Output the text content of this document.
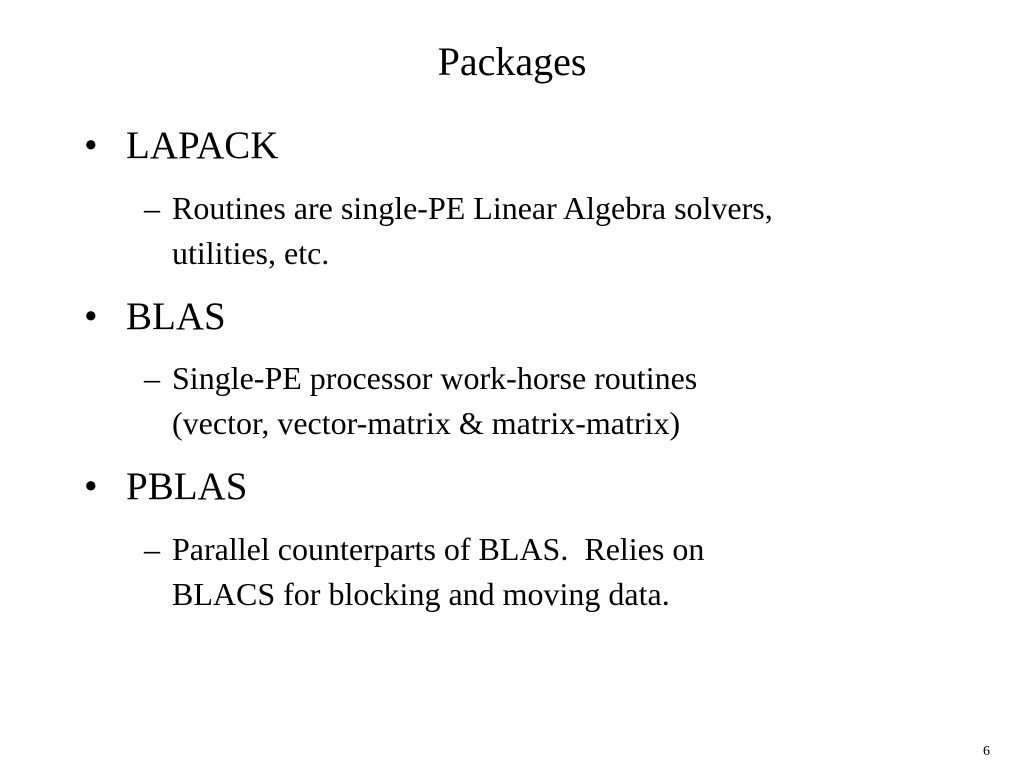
Packages
• LAPACK
– Routines are single-PE Linear Algebra solvers,
utilities, etc.
• BLAS
– Single-PE processor work-horse routines
(vector, vector-matrix & matrix-matrix)
• PBLAS
– Parallel counterparts of BLAS.  Relies on
BLACS for blocking and moving data.
6
